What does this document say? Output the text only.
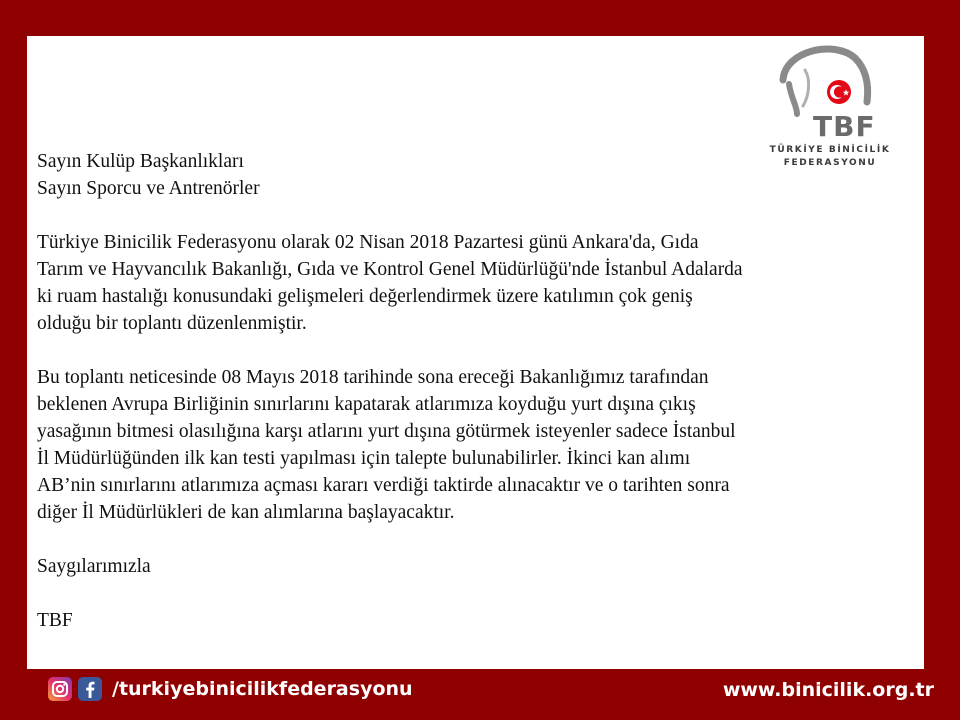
TBF
TÜRKİYE BİNİCİLİK
FEDERASYONU

Sayın Kulüp Başkanlıkları

Sayın Sporcu ve Antrenörler

Türkiye Binicilik Federasyonu olarak 02 Nisan 2018 Pazartesi günü Ankara'da, Gıda

Tarım ve Hayvancılık Bakanlığı, Gıda ve Kontrol Genel Müdürlüğü'nde İstanbul Adalarda

ki ruam hastalığı konusundaki gelişmeleri değerlendirmek üzere katılımın çok geniş

olduğu bir toplantı düzenlenmiştir.

Bu toplantı neticesinde 08 Mayıs 2018 tarihinde sona ereceği Bakanlığımız tarafından

beklenen Avrupa Birliğinin sınırlarını kapatarak atlarımıza koyduğu yurt dışına çıkış

yasağının bitmesi olasılığına karşı atlarını yurt dışına götürmek isteyenler sadece İstanbul

İl Müdürlüğünden ilk kan testi yapılması için talepte bulunabilirler. İkinci kan alımı

AB’nin sınırlarını atlarımıza açması kararı verdiği taktirde alınacaktır ve o tarihten sonra

diğer İl Müdürlükleri de kan alımlarına başlayacaktır.

Saygılarımızla

TBF

/turkiyebinicilikfederasyonu	www.binicilik.org.tr
